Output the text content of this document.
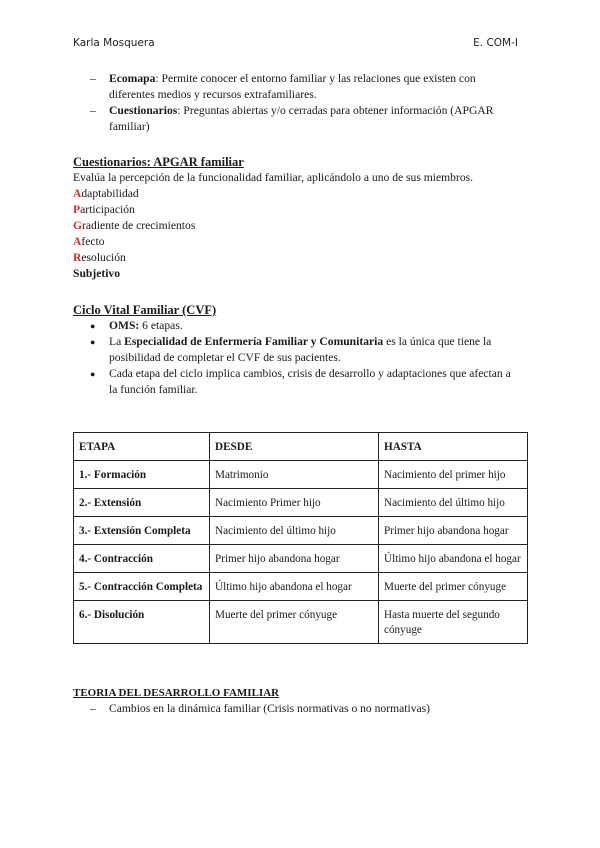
Karla Mosquera	E. COM-I
– Ecomapa: Permite conocer el entorno familiar y las relaciones que existen con diferentes medios y recursos extrafamiliares.
– Cuestionarios: Preguntas abiertas y/o cerradas para obtener información (APGAR familiar)
Cuestionarios: APGAR familiar
Evalúa la percepción de la funcionalidad familiar, aplicándolo a uno de sus miembros.
Adaptabilidad
Participación
Gradiente de crecimientos
Afecto
Resolución
Subjetivo
Ciclo Vital Familiar (CVF)
● OMS: 6 etapas.
● La Especialidad de Enfermería Familiar y Comunitaria es la única que tiene la posibilidad de completar el CVF de sus pacientes.
● Cada etapa del ciclo implica cambios, crisis de desarrollo y adaptaciones que afectan a la función familiar.
ETAPA	DESDE	HASTA
1.- Formación	Matrimonio	Nacimiento del primer hijo
2.- Extensión	Nacimiento Primer hijo	Nacimiento del último hijo
3.- Extensión Completa	Nacimiento del último hijo	Primer hijo abandona hogar
4.- Contracción	Primer hijo abandona hogar	Último hijo abandona el hogar
5.- Contracción Completa	Último hijo abandona el hogar	Muerte del primer cónyuge
6.- Disolución	Muerte del primer cónyuge	Hasta muerte del segundo cónyuge
TEORIA DEL DESARROLLO FAMILIAR
– Cambios en la dinámica familiar (Crisis normativas o no normativas)
